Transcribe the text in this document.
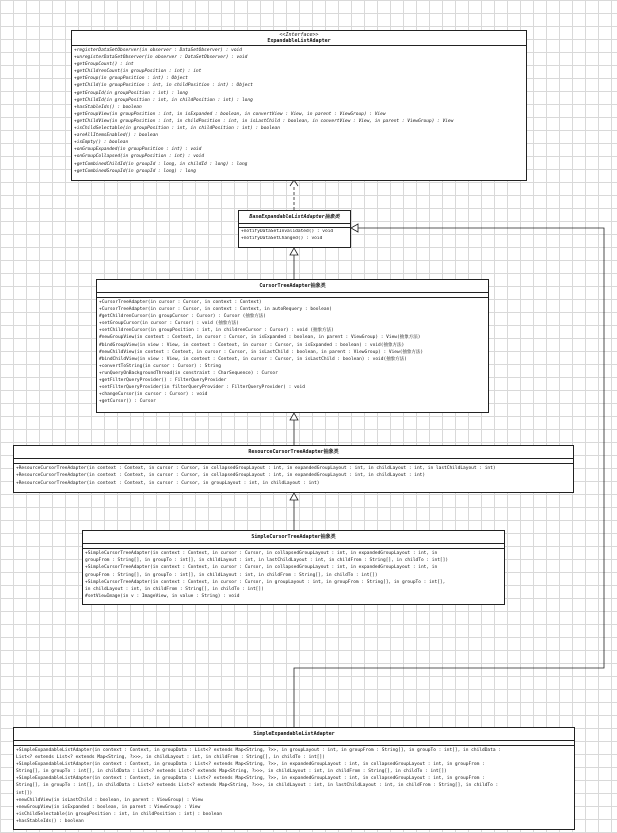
<<Interface>>
ExpandableListAdapter
+registerDataSetObserver(in observer : DataSetObserver) : void
+unregisterDataSetObserver(in observer : DataSetObserver) : void
+getGroupCount() : int
+getChildrenCount(in groupPosition : int) : int
+getGroup(in groupPosition : int) : Object
+getChild(in groupPosition : int, in childPosition : int) : Object
+getGroupId(in groupPosition : int) : long
+getChildId(in groupPosition : int, in childPosition : int) : long
+hasStableIds() : boolean
+getGroupView(in groupPosition : int, in isExpanded : boolean, in convertView : View, in parent : ViewGroup) : View
+getChildView(in groupPosition : int, in childPosition : int, in isLastChild : boolean, in convertView : View, in parent : ViewGroup) : View
+isChildSelectable(in groupPosition : int, in childPosition : int) : boolean
+areAllItemsEnabled() : boolean
+isEmpty() : boolean
+onGroupExpanded(in groupPosition : int) : void
+onGroupCollapsed(in groupPosition : int) : void
+getCombinedChildId(in groupId : long, in childId : long) : long
+getCombinedGroupId(in groupId : long) : long
BaseExpandableListAdapter抽象类
+notifyDataSetInvalidated() : void
+notifyDataSetChanged() : void
CursorTreeAdapter抽象类
+CursorTreeAdapter(in cursor : Cursor, in context : Context)
+CursorTreeAdapter(in cursor : Cursor, in context : Context, in autoRequery : boolean)
#getChildrenCursor(in groupCursor : Cursor) : Cursor (抽象方法)
+setGroupCursor(in cursor : Cursor) : void (抽象方法)
+setChildrenCursor(in groupPosition : int, in childrenCursor : Cursor) : void (抽象方法)
#newGroupView(in context : Context, in cursor : Cursor, in isExpanded : boolean, in parent : ViewGroup) : View(抽象方法)
#bindGroupView(in view : View, in context : Context, in cursor : Cursor, in isExpanded : boolean) : void(抽象方法)
#newChildView(in context : Context, in cursor : Cursor, in isLastChild : boolean, in parent : ViewGroup) : View(抽象方法)
#bindChildView(in view : View, in context : Context, in cursor : Cursor, in isLastChild : boolean) : void(抽象方法)
+convertToString(in cursor : Cursor) : String
+runQueryOnBackgroundThread(in constraint : CharSequence) : Cursor
+getFilterQueryProvider() : FilterQueryProvider
+setFilterQueryProvider(in filterQueryProvider : FilterQueryProvider) : void
+changeCursor(in cursor : Cursor) : void
+getCursor() : Cursor
ResourceCursorTreeAdapter抽象类
+ResourceCursorTreeAdapter(in context : Context, in cursor : Cursor, in collapsedGroupLayout : int, in expandedGroupLayout : int, in childLayout : int, in lastChildLayout : int)
+ResourceCursorTreeAdapter(in context : Context, in cursor : Cursor, in collapsedGroupLayout : int, in expandedGroupLayout : int, in childLayout : int)
+ResourceCursorTreeAdapter(in context : Context, in cursor : Cursor, in groupLayout : int, in childLayout : int)
SimpleCursorTreeAdapter抽象类
+SimpleCursorTreeAdapter(in context : Context, in cursor : Cursor, in collapsedGroupLayout : int, in expandedGroupLayout : int, in
groupFrom : String[], in groupTo : int[], in childLayout : int, in lastChildLayout : int, in childFrom : String[], in childTo : int[])
+SimpleCursorTreeAdapter(in context : Context, in cursor : Cursor, in collapsedGroupLayout : int, in expandedGroupLayout : int, in
groupFrom : String[], in groupTo : int[], in childLayout : int, in childFrom : String[], in childTo : int[])
+SimpleCursorTreeAdapter(in context : Context, in cursor : Cursor, in groupLayout : int, in groupFrom : String[], in groupTo : int[],
in childLayout : int, in childFrom : String[], in childTo : int[])
#setViewImage(in v : ImageView, in value : String) : void
SimpleExpandableListAdapter
+SimpleExpandableListAdapter(in context : Context, in groupData : List<? extends Map<String, ?>>, in groupLayout : int, in groupFrom : String[], in groupTo : int[], in childData :
List<? extends List<? extends Map<String, ?>>>, in childLayout : int, in childFrom : String[], in childTo : int[])
+SimpleExpandableListAdapter(in context : Context, in groupData : List<? extends Map<String, ?>>, in expandedGroupLayout : int, in collapsedGroupLayout : int, in groupFrom :
String[], in groupTo : int[], in childData : List<? extends List<? extends Map<String, ?>>>, in childLayout : int, in childFrom : String[], in childTo : int[])
+SimpleExpandableListAdapter(in context : Context, in groupData : List<? extends Map<String, ?>>, in expandedGroupLayout : int, in collapsedGroupLayout : int, in groupFrom :
String[], in groupTo : int[], in childData : List<? extends List<? extends Map<String, ?>>>, in childLayout : int, in lastChildLayout : int, in childFrom : String[], in childTo :
int[])
+newChildView(in isLastChild : boolean, in parent : ViewGroup) : View
+newGroupView(in isExpanded : boolean, in parent : ViewGroup) : View
+isChildSelectable(in groupPosition : int, in childPosition : int) : boolean
+hasStableIds() : boolean
